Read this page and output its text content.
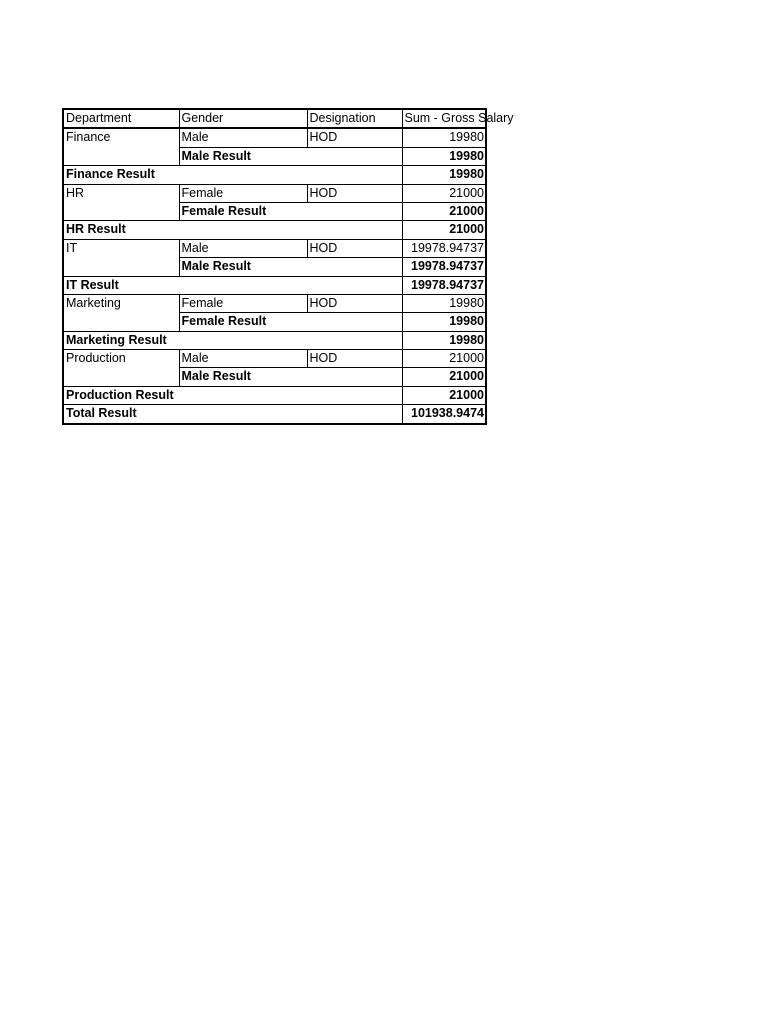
Department	Gender	Designation	Sum - Gross Salary

Finance	Male	HOD	19980
	Male Result		19980
Finance Result			19980
HR	Female	HOD	21000
	Female Result		21000
HR Result			21000
IT	Male	HOD	19978.94737
	Male Result		19978.94737
IT Result			19978.94737
Marketing	Female	HOD	19980
	Female Result		19980
Marketing Result			19980
Production	Male	HOD	21000
	Male Result		21000
Production Result			21000
Total Result			101938.9474
